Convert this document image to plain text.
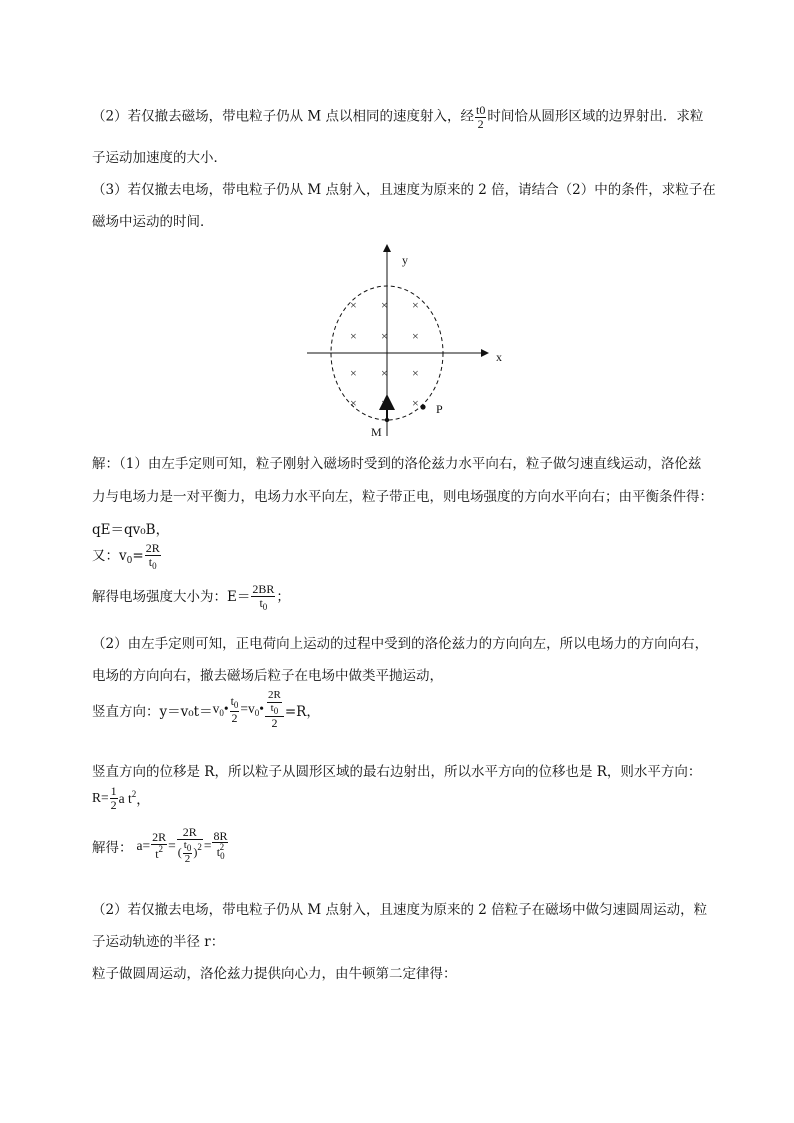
（2）若仅撤去磁场，带电粒子仍从 M 点以相同的速度射入，经 $\frac{t0}{2}$ 时间恰从圆形区域的边界射出．求粒
子运动加速度的大小．
（3）若仅撤去电场，带电粒子仍从 M 点射入，且速度为原来的 2 倍，请结合（2）中的条件，求粒子在
磁场中运动的时间．
x
y
× × ×
× × ×
× × ×
× × ×
M
P
解：（1）由左手定则可知，粒子刚射入磁场时受到的洛伦兹力水平向右，粒子做匀速直线运动，洛伦兹
力与电场力是一对平衡力，电场力水平向左，粒子带正电，则电场强度的方向水平向右；由平衡条件得：
qE＝qv₀B，
又：$v_0= \frac{2R}{t_0}$
解得电场强度大小为：$E= \frac{2BR}{t_0}$ ；
（2）由左手定则可知，正电荷向上运动的过程中受到的洛伦兹力的方向向左，所以电场力的方向向右，
电场的方向向右，撤去磁场后粒子在电场中做类平抛运动，
竖直方向：$y=v_0t=v_0• \frac{t_0}{2}$ $=v_0• \frac{\frac{2R}{t_0}}{2} =R$，
竖直方向的位移是 R，所以粒子从圆形区域的最右边射出，所以水平方向的位移也是 R，则水平方向：
$R= \frac{1}{2}$ a $t^2$，
解得： $a= \frac{2R}{t^2} = \frac{2R}{( \frac{t_0}{2} )^2} = \frac{8R}{t_0^2}$
（2）若仅撤去电场，带电粒子仍从 M 点射入，且速度为原来的 2 倍粒子在磁场中做匀速圆周运动，粒
子运动轨迹的半径 r：
粒子做圆周运动，洛伦兹力提供向心力，由牛顿第二定律得：
